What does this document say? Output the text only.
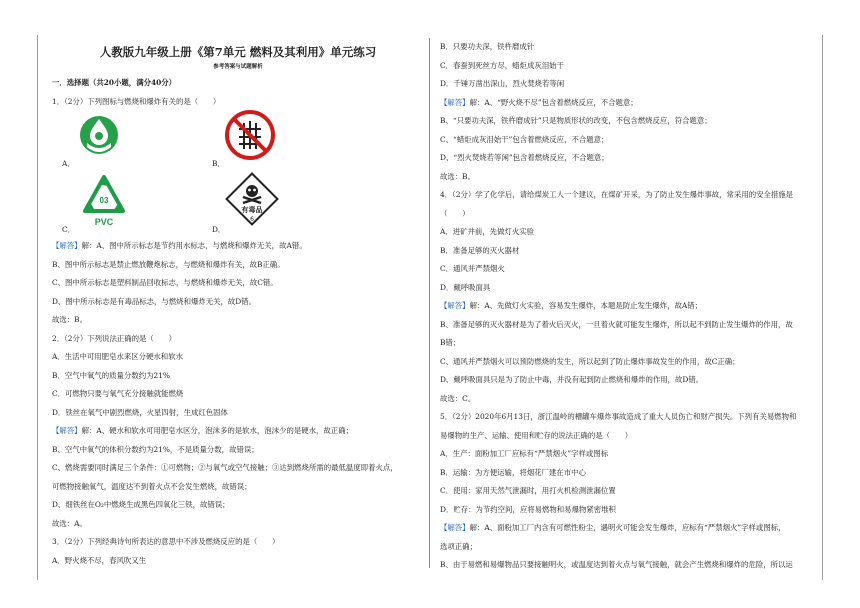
人教版九年级上册《第7单元 燃料及其利用》单元练习
参考答案与试题解析
一．选择题（共20小题，满分40分）
1．（2分）下列图标与燃烧和爆炸有关的是（　　）
A．	B．
C．
03
PVC
D．
有毒品
6
【解答】解：A、图中所示标志是节约用水标志，与燃烧和爆炸无关，故A错。
B、图中所示标志是禁止燃放鞭炮标志，与燃烧和爆炸有关，故B正确。
C、图中所示标志是塑料制品回收标志，与燃烧和爆炸无关，故C错。
D、图中所示标志是有毒品标志，与燃烧和爆炸无关，故D错。
故选：B。
2．（2分）下列说法正确的是（　　）
A．生活中可用肥皂水来区分硬水和软水
B．空气中氧气的质量分数约为21%
C．可燃物只要与氧气充分接触就能燃烧
D．铁丝在氧气中剧烈燃烧，火星四射，生成红色固体
【解答】解：A、硬水和软水可用肥皂水区分，泡沫多的是软水，泡沫少的是硬水，故正确；
B、空气中氧气的体积分数约为21%，不是质量分数，故错误；
C、燃烧需要同时满足三个条件：①可燃物；②与氧气或空气接触；③达到燃烧所需的最低温度即着火点，
可燃物接触氧气，温度达不到着火点不会发生燃烧，故错误；
D、细铁丝在O₂中燃烧生成黑色四氧化三铁，故错误；
故选：A。
3．（2分）下列经典诗句所表达的意思中不涉及燃烧反应的是（　　）
A．野火烧不尽，春风吹又生
B．只要功夫深，铁杵磨成针
C．春蚕到死丝方尽，蜡炬成灰泪始干
D．千锤万凿出深山，烈火焚烧若等闲
【解答】解：A、“野火烧不尽”包含着燃烧反应，不合题意；
B、“只要功夫深，铁杵磨成针”只是物质形状的改变，不包含燃烧反应，符合题意；
C、“蜡炬成灰泪始干”包含着燃烧反应，不合题意；
D、“烈火焚烧若等闲”包含着燃烧反应，不合题意；
故选：B。
4．（2分）学了化学后，请给煤炭工人一个建议，在煤矿开采，为了防止发生爆炸事故，常采用的安全措施是
（　　）
A．进矿井前，先做灯火实验
B．准备足够的灭火器材
C．通风并严禁烟火
D．戴呼吸面具
【解答】解：A、先做灯火实验，容易发生爆炸，本题是防止发生爆炸，故A错；
B、准备足够的灭火器材是为了着火后灭火，一旦着火就可能发生爆炸，所以起不到防止发生爆炸的作用，故
B错；
C、通风并严禁烟火可以预防燃烧的发生，所以起到了防止爆炸事故发生的作用，故C正确；
D、戴呼吸面具只是为了防止中毒，并没有起到防止燃烧和爆炸的作用，故D错。
故选：C。
5．（2分）2020年6月13日，浙江温岭的槽罐车爆炸事故造成了重大人员伤亡和财产损失。下列有关易燃物和
易爆物的生产、运输、使用和贮存的说法正确的是（　　）
A．生产：面粉加工厂应标有“严禁烟火”字样或图标
B．运输：为方便运输，将烟花厂建在市中心
C．使用：家用天然气泄漏时，用打火机检测泄漏位置
D．贮存：为节约空间，应将易燃物和易爆物紧密堆积
【解答】解：A、面粉加工厂内含有可燃性粉尘，遇明火可能会发生爆炸，应标有“严禁烟火”字样或图标，
选项正确；
B、由于易燃和易爆物品只要接触明火，或温度达到着火点与氧气接触，就会产生燃烧和爆炸的危险，所以运
